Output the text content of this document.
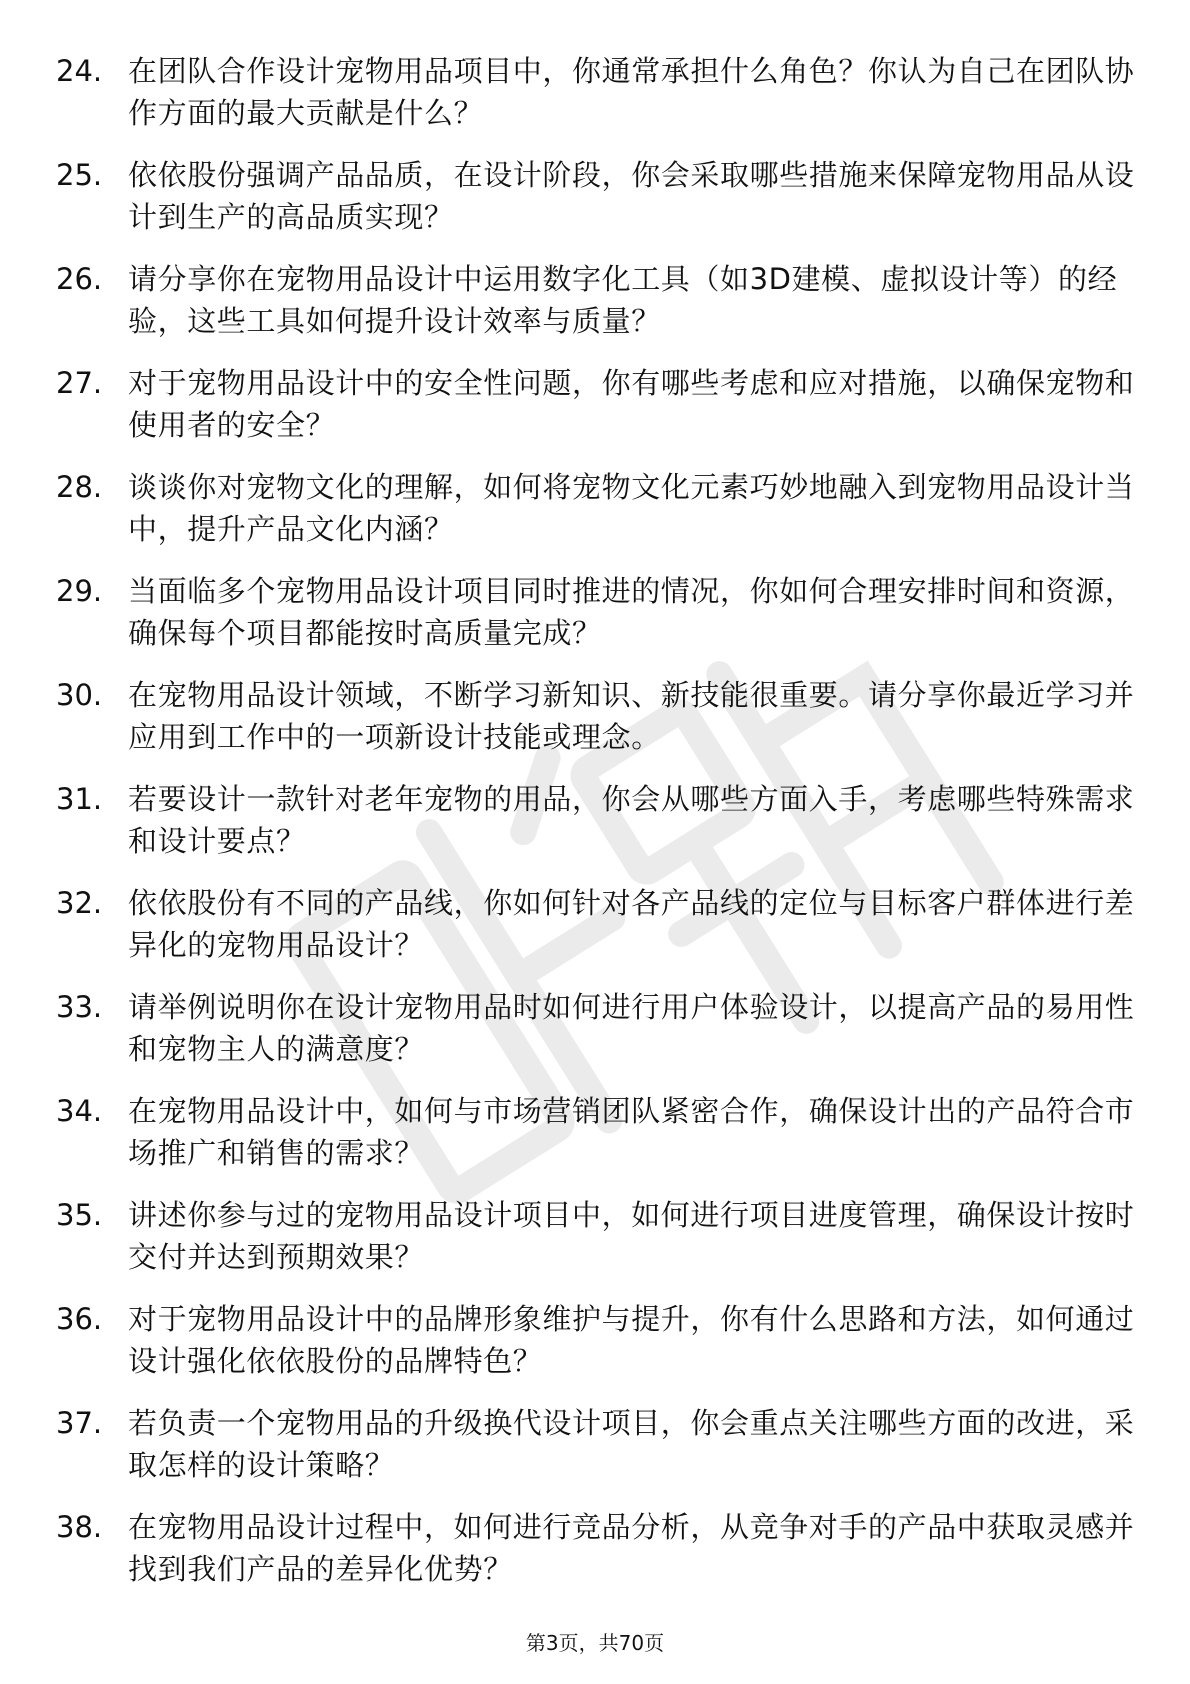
24. 在团队合作设计宠物用品项目中，你通常承担什么角色？你认为自己在团队协作方面的最大贡献是什么？
25. 依依股份强调产品品质，在设计阶段，你会采取哪些措施来保障宠物用品从设计到生产的高品质实现？
26. 请分享你在宠物用品设计中运用数字化工具（如3D建模、虚拟设计等）的经验，这些工具如何提升设计效率与质量？
27. 对于宠物用品设计中的安全性问题，你有哪些考虑和应对措施，以确保宠物和使用者的安全？
28. 谈谈你对宠物文化的理解，如何将宠物文化元素巧妙地融入到宠物用品设计当中，提升产品文化内涵？
29. 当面临多个宠物用品设计项目同时推进的情况，你如何合理安排时间和资源，确保每个项目都能按时高质量完成？
30. 在宠物用品设计领域，不断学习新知识、新技能很重要。请分享你最近学习并应用到工作中的一项新设计技能或理念。
31. 若要设计一款针对老年宠物的用品，你会从哪些方面入手，考虑哪些特殊需求和设计要点？
32. 依依股份有不同的产品线，你如何针对各产品线的定位与目标客户群体进行差异化的宠物用品设计？
33. 请举例说明你在设计宠物用品时如何进行用户体验设计，以提高产品的易用性和宠物主人的满意度？
34. 在宠物用品设计中，如何与市场营销团队紧密合作，确保设计出的产品符合市场推广和销售的需求？
35. 讲述你参与过的宠物用品设计项目中，如何进行项目进度管理，确保设计按时交付并达到预期效果？
36. 对于宠物用品设计中的品牌形象维护与提升，你有什么思路和方法，如何通过设计强化依依股份的品牌特色？
37. 若负责一个宠物用品的升级换代设计项目，你会重点关注哪些方面的改进，采取怎样的设计策略？
38. 在宠物用品设计过程中，如何进行竞品分析，从竞争对手的产品中获取灵感并找到我们产品的差异化优势？
第3页，共70页
